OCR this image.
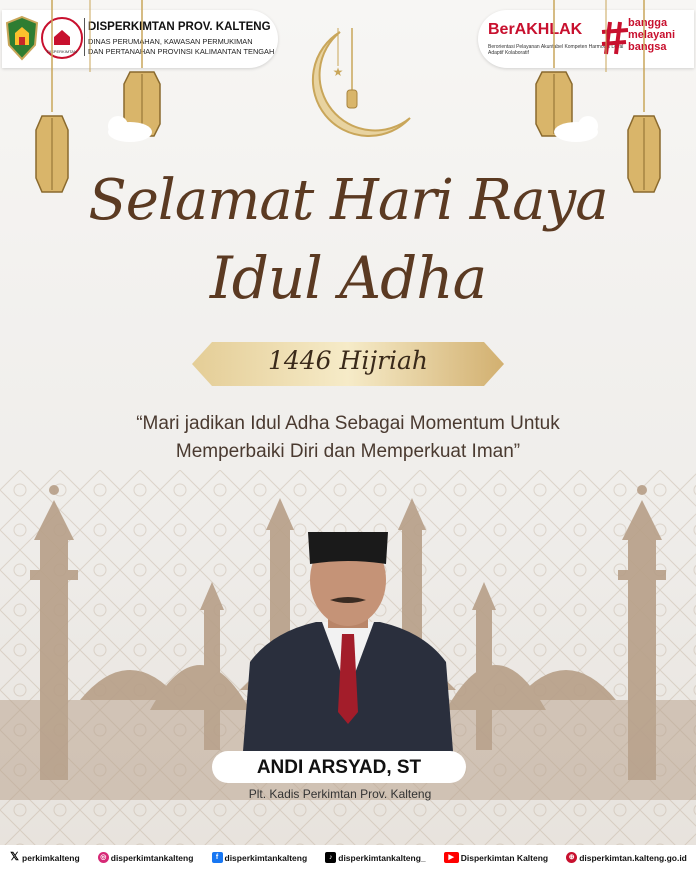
DISPERKIMTAN
DISPERKIMTAN PROV. KALTENG
DINAS PERUMAHAN, KAWASAN PERMUKIMAN
DAN PERTANAHAN PROVINSI KALIMANTAN TENGAH
BerAKHLAK
Berorientasi Pelayanan Akuntabel Kompeten Harmonis Loyal Adaptif Kolaboratif
bangga
melayani
bangsa
★
Selamat Hari Raya
Idul Adha
1446 Hijriah
“Mari jadikan Idul Adha Sebagai Momentum Untuk
Memperbaiki Diri dan Memperkuat Iman”
ANDI ARSYAD, ST
Plt. Kadis Perkimtan Prov. Kalteng
𝕏 perkimkalteng	◎ disperkimtankalteng	f disperkimtankalteng	♪ disperkimtankalteng_	▶ Disperkimtan Kalteng	⊕ disperkimtan.kalteng.go.id
